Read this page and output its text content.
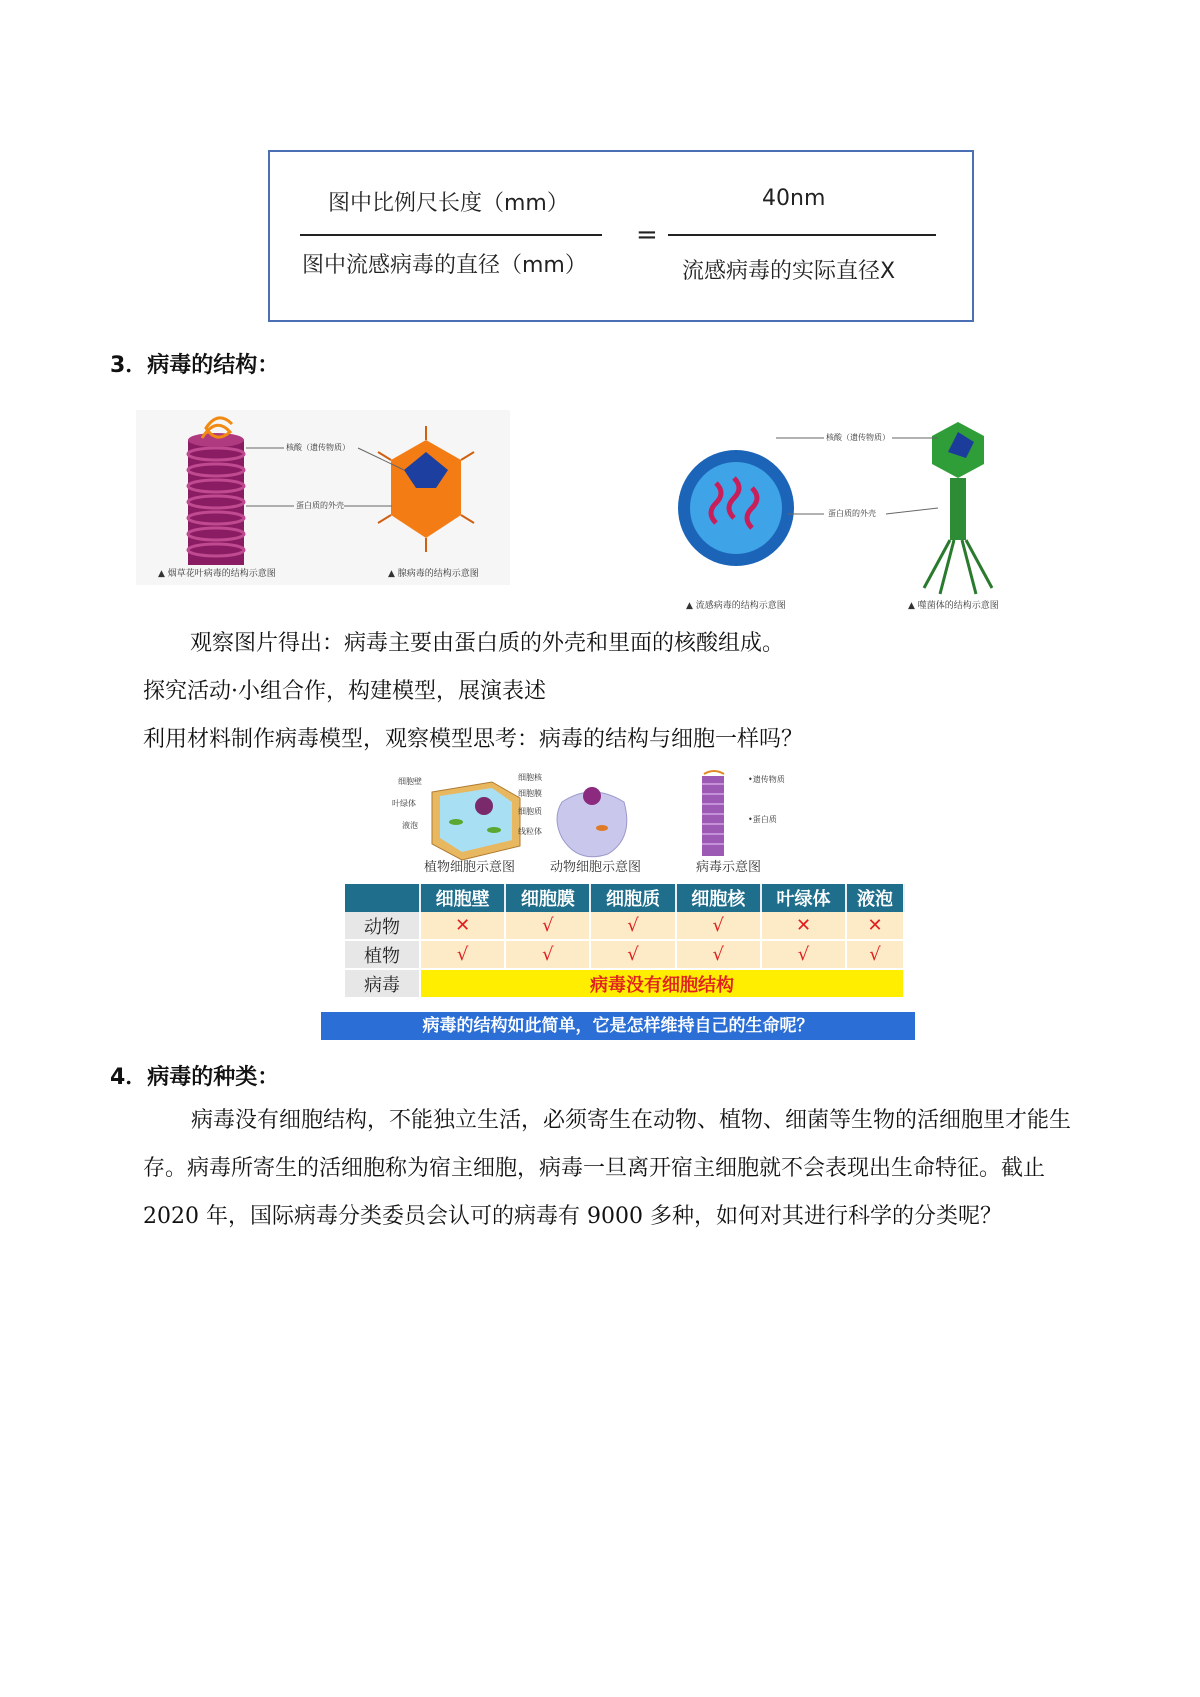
图中比例尺长度（mm）
图中流感病毒的直径（mm）
=
40nm
流感病毒的实际直径X
3．病毒的结构：
核酸（遗传物质）
蛋白质的外壳
▲ 烟草花叶病毒的结构示意图	▲ 腺病毒的结构示意图
核酸（遗传物质）
蛋白质的外壳
▲ 流感病毒的结构示意图	▲ 噬菌体的结构示意图
观察图片得出：病毒主要由蛋白质的外壳和里面的核酸组成。
探究活动·小组合作，构建模型，展演表述
利用材料制作病毒模型，观察模型思考：病毒的结构与细胞一样吗？
细胞壁
叶绿体
液泡
细胞核
细胞膜
细胞质
线粒体
•遗传物质
•蛋白质
植物细胞示意图	动物细胞示意图	病毒示意图
	细胞壁	细胞膜	细胞质	细胞核	叶绿体	液泡
动物	✕	√	√	√	✕	✕
植物	√	√	√	√	√	√
病毒	病毒没有细胞结构					
病毒的结构如此简单，它是怎样维持自己的生命呢？
4．病毒的种类：
病毒没有细胞结构，不能独立生活，必须寄生在动物、植物、细菌等生物的活细胞里才能生存。病毒所寄生的活细胞称为宿主细胞，病毒一旦离开宿主细胞就不会表现出生命特征。截止 2020 年，国际病毒分类委员会认可的病毒有 9000 多种，如何对其进行科学的分类呢？
